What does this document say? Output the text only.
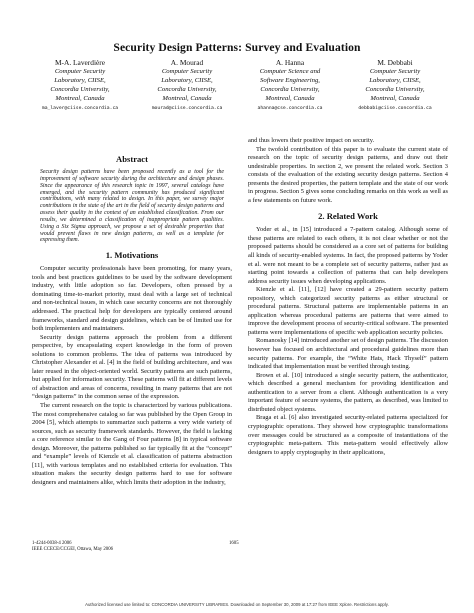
Security Design Patterns: Survey and Evaluation
M-A. Laverdière
Computer Security
Laboratory, CIISE,
Concordia University,
Montreal, Canada
ma_laver@ciise.concordia.ca
A. Mourad
Computer Security
Laboratory, CIISE,
Concordia University,
Montreal, Canada
mourad@ciise.concordia.ca
A. Hanna
Computer Science and
Software Engineering,
Concordia University,
Montreal, Canada
ahanna@cse.concordia.ca
M. Debbabi
Computer Security
Laboratory, CIISE,
Concordia University,
Montreal, Canada
debbabi@ciise.concordia.ca
Abstract
Security design patterns have been proposed recently as a tool for the improvement of software security during the architecture and design phases. Since the appearance of this research topic in 1997, several catalogs have emerged, and the security pattern community has produced significant contributions, with many related to design. In this paper, we survey major contributions in the state of the art in the field of security design patterns and assess their quality in the context of an established classification. From our results, we determined a classification of inappropriate pattern qualities. Using a Six Sigma approach, we propose a set of desirable properties that would prevent flaws in new design patterns, as well as a template for expressing them.
1. Motivations

Computer security professionals have been promoting, for many years, tools and best practices guidelines to be used by the software development industry, with little adoption so far. Developers, often pressed by a dominating time-to-market priority, must deal with a large set of technical and non-technical issues, in which case security concerns are not thoroughly addressed. The practical help for developers are typically centered around frameworks, standard and design guidelines, which can be of limited use for both implementers and maintainers.

Security design patterns approach the problem from a different perspective, by encapsulating expert knowledge in the form of proven solutions to common problems. The idea of patterns was introduced by Christopher Alexander et al. [4] in the field of building architecture, and was later reused in the object-oriented world. Security patterns are such patterns, but applied for information security. These patterns will fit at different levels of abstraction and areas of concerns, resulting in many patterns that are not “design patterns” in the common sense of the expression.

The current research on the topic is characterized by various publications. The most comprehensive catalog so far was published by the Open Group in 2004 [5], which attempts to summarize such patterns a very wide variety of sources, such as security framework standards. However, the field is lacking a core reference similar to the Gang of Four patterns [8] in typical software design. Moreover, the patterns published so far typically fit at the “concept” and “example” levels of Kienzle et al. classification of patterns abstraction [11], with various templates and no established criteria for evaluation. This situation makes the security design patterns hard to use for software designers and maintainers alike, which limits their adoption in the industry,

and thus lowers their positive impact on security.

The twofold contribution of this paper is to evaluate the current state of research on the topic of security design patterns, and draw out their undesirable properties. In section 2, we present the related work. Section 3 consists of the evaluation of the existing security design patterns. Section 4 presents the desired properties, the pattern template and the state of our work in progress. Section 5 gives some concluding remarks on this work as well as a few statements on future work.

2. Related Work

Yoder et al., in [15] introduced a 7-pattern catalog. Although some of these patterns are related to each others, it is not clear whether or not the proposed patterns should be considered as a core set of patterns for building all kinds of security-enabled systems. In fact, the proposed patterns by Yoder et al. were not meant to be a complete set of security patterns, rather just as starting point towards a collection of patterns that can help developers address security issues when developing applications.

Kienzle et al. [11], [12] have created a 29-pattern security pattern repository, which categorized security patterns as either structural or procedural patterns. Structural patterns are implementable patterns in an application whereas procedural patterns are patterns that were aimed to improve the development process of security-critical software. The presented patterns were implementations of specific web application security policies.

Romanosky [14] introduced another set of design patterns. The discussion however has focused on architectural and procedural guidelines more than security patterns. For example, the “White Hats, Hack Thyself” pattern indicated that implementation must be verified through testing.

Brown et al. [10] introduced a single security pattern, the authenticator, which described a general mechanism for providing identification and authentication to a server from a client. Although authentication is a very important feature of secure systems, the pattern, as described, was limited to distributed object systems.

Braga et al. [6] also investigated security-related patterns specialized for cryptographic operations. They showed how cryptographic transformations over messages could be structured as a composite of instantiations of the cryptographic meta-pattern. This meta-pattern would effectively allow designers to apply cryptography in their applications,

1-4244-0038-4 2006
IEEE CCECE/CCGEI, Ottawa, May 2006
1605
Authorized licensed use limited to: CONCORDIA UNIVERSITY LIBRARIES. Downloaded on September 30, 2009 at 17:27 from IEEE Xplore. Restrictions apply.
